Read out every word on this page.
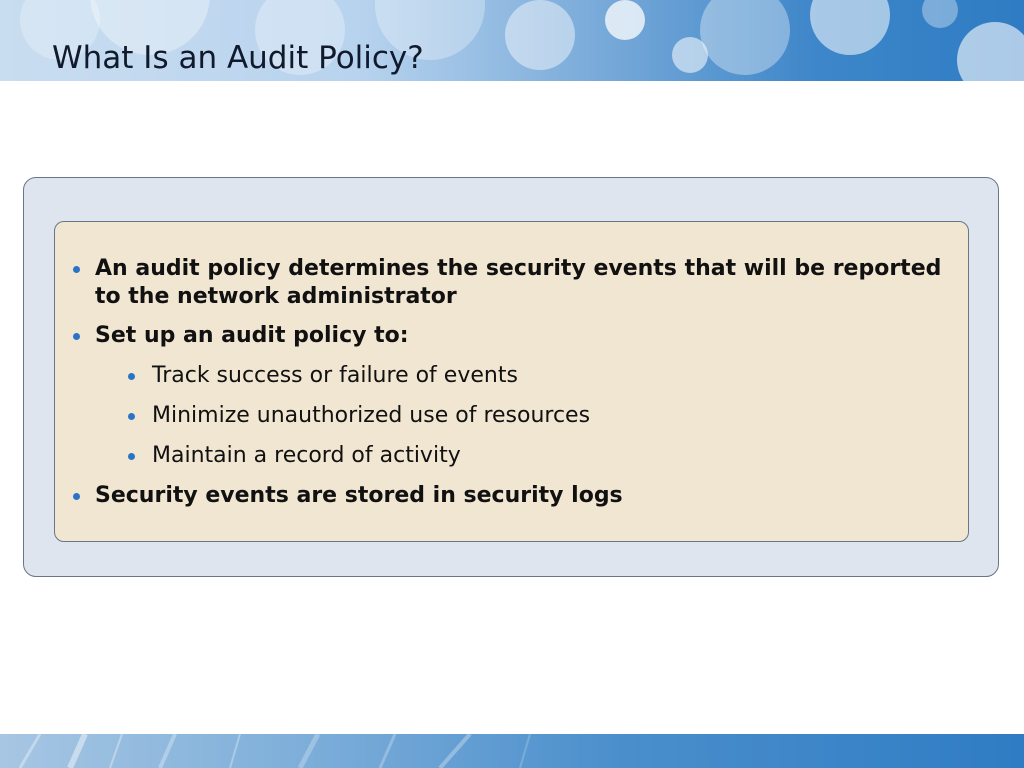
What Is an Audit Policy?
An audit policy determines the security events that will be reported to the network administrator
Set up an audit policy to:
Track success or failure of events
Minimize unauthorized use of resources
Maintain a record of activity
Security events are stored in security logs
